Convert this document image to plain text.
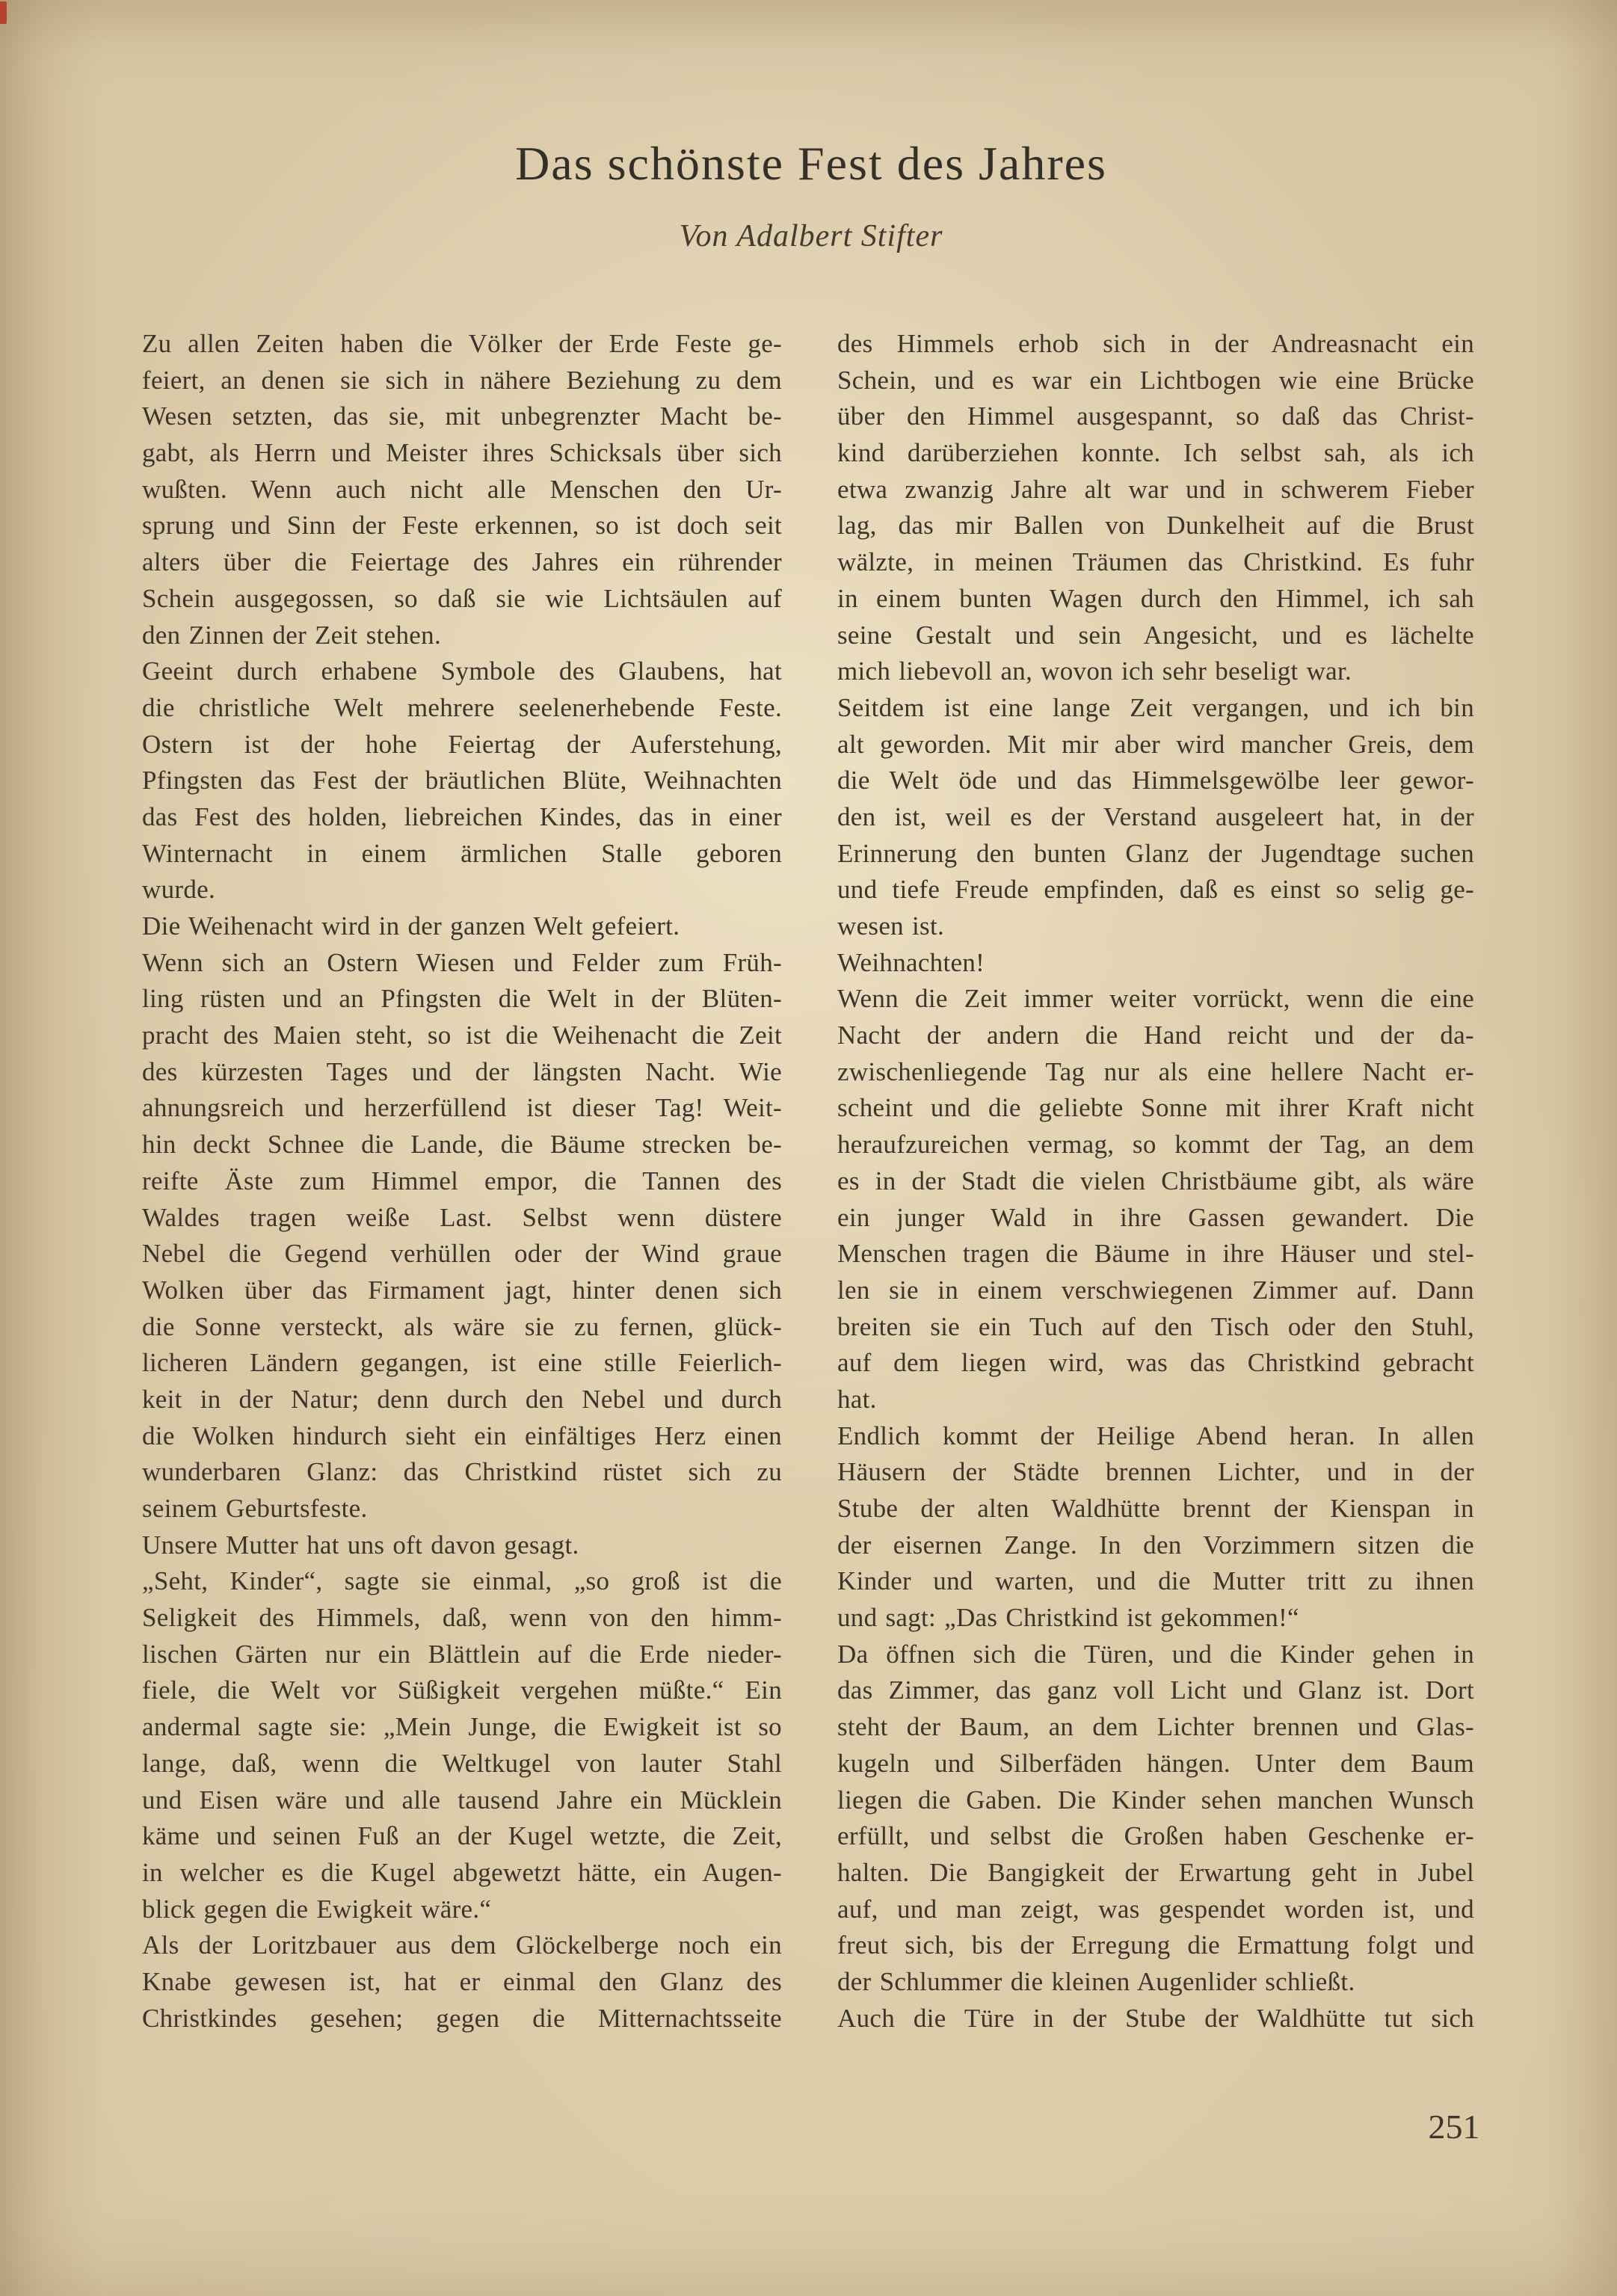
Das schönste Fest des Jahres
Von Adalbert Stifter
Zu allen Zeiten haben die Völker der Erde Feste ge-
feiert, an denen sie sich in nähere Beziehung zu dem
Wesen setzten, das sie, mit unbegrenzter Macht be-
gabt, als Herrn und Meister ihres Schicksals über sich
wußten. Wenn auch nicht alle Menschen den Ur-
sprung und Sinn der Feste erkennen, so ist doch seit
alters über die Feiertage des Jahres ein rührender
Schein ausgegossen, so daß sie wie Lichtsäulen auf
den Zinnen der Zeit stehen.
Geeint durch erhabene Symbole des Glaubens, hat
die christliche Welt mehrere seelenerhebende Feste.
Ostern ist der hohe Feiertag der Auferstehung,
Pfingsten das Fest der bräutlichen Blüte, Weihnachten
das Fest des holden, liebreichen Kindes, das in einer
Winternacht in einem ärmlichen Stalle geboren
wurde.
Die Weihenacht wird in der ganzen Welt gefeiert.
Wenn sich an Ostern Wiesen und Felder zum Früh-
ling rüsten und an Pfingsten die Welt in der Blüten-
pracht des Maien steht, so ist die Weihenacht die Zeit
des kürzesten Tages und der längsten Nacht. Wie
ahnungsreich und herzerfüllend ist dieser Tag! Weit-
hin deckt Schnee die Lande, die Bäume strecken be-
reifte Äste zum Himmel empor, die Tannen des
Waldes tragen weiße Last. Selbst wenn düstere
Nebel die Gegend verhüllen oder der Wind graue
Wolken über das Firmament jagt, hinter denen sich
die Sonne versteckt, als wäre sie zu fernen, glück-
licheren Ländern gegangen, ist eine stille Feierlich-
keit in der Natur; denn durch den Nebel und durch
die Wolken hindurch sieht ein einfältiges Herz einen
wunderbaren Glanz: das Christkind rüstet sich zu
seinem Geburtsfeste.
Unsere Mutter hat uns oft davon gesagt.
„Seht, Kinder“, sagte sie einmal, „so groß ist die
Seligkeit des Himmels, daß, wenn von den himm-
lischen Gärten nur ein Blättlein auf die Erde nieder-
fiele, die Welt vor Süßigkeit vergehen müßte.“ Ein
andermal sagte sie: „Mein Junge, die Ewigkeit ist so
lange, daß, wenn die Weltkugel von lauter Stahl
und Eisen wäre und alle tausend Jahre ein Mücklein
käme und seinen Fuß an der Kugel wetzte, die Zeit,
in welcher es die Kugel abgewetzt hätte, ein Augen-
blick gegen die Ewigkeit wäre.“
Als der Loritzbauer aus dem Glöckelberge noch ein
Knabe gewesen ist, hat er einmal den Glanz des
Christkindes gesehen; gegen die Mitternachtsseite
des Himmels erhob sich in der Andreasnacht ein
Schein, und es war ein Lichtbogen wie eine Brücke
über den Himmel ausgespannt, so daß das Christ-
kind darüberziehen konnte. Ich selbst sah, als ich
etwa zwanzig Jahre alt war und in schwerem Fieber
lag, das mir Ballen von Dunkelheit auf die Brust
wälzte, in meinen Träumen das Christkind. Es fuhr
in einem bunten Wagen durch den Himmel, ich sah
seine Gestalt und sein Angesicht, und es lächelte
mich liebevoll an, wovon ich sehr beseligt war.
Seitdem ist eine lange Zeit vergangen, und ich bin
alt geworden. Mit mir aber wird mancher Greis, dem
die Welt öde und das Himmelsgewölbe leer gewor-
den ist, weil es der Verstand ausgeleert hat, in der
Erinnerung den bunten Glanz der Jugendtage suchen
und tiefe Freude empfinden, daß es einst so selig ge-
wesen ist.
Weihnachten!
Wenn die Zeit immer weiter vorrückt, wenn die eine
Nacht der andern die Hand reicht und der da-
zwischenliegende Tag nur als eine hellere Nacht er-
scheint und die geliebte Sonne mit ihrer Kraft nicht
heraufzureichen vermag, so kommt der Tag, an dem
es in der Stadt die vielen Christbäume gibt, als wäre
ein junger Wald in ihre Gassen gewandert. Die
Menschen tragen die Bäume in ihre Häuser und stel-
len sie in einem verschwiegenen Zimmer auf. Dann
breiten sie ein Tuch auf den Tisch oder den Stuhl,
auf dem liegen wird, was das Christkind gebracht
hat.
Endlich kommt der Heilige Abend heran. In allen
Häusern der Städte brennen Lichter, und in der
Stube der alten Waldhütte brennt der Kienspan in
der eisernen Zange. In den Vorzimmern sitzen die
Kinder und warten, und die Mutter tritt zu ihnen
und sagt: „Das Christkind ist gekommen!“
Da öffnen sich die Türen, und die Kinder gehen in
das Zimmer, das ganz voll Licht und Glanz ist. Dort
steht der Baum, an dem Lichter brennen und Glas-
kugeln und Silberfäden hängen. Unter dem Baum
liegen die Gaben. Die Kinder sehen manchen Wunsch
erfüllt, und selbst die Großen haben Geschenke er-
halten. Die Bangigkeit der Erwartung geht in Jubel
auf, und man zeigt, was gespendet worden ist, und
freut sich, bis der Erregung die Ermattung folgt und
der Schlummer die kleinen Augenlider schließt.
Auch die Türe in der Stube der Waldhütte tut sich
251
